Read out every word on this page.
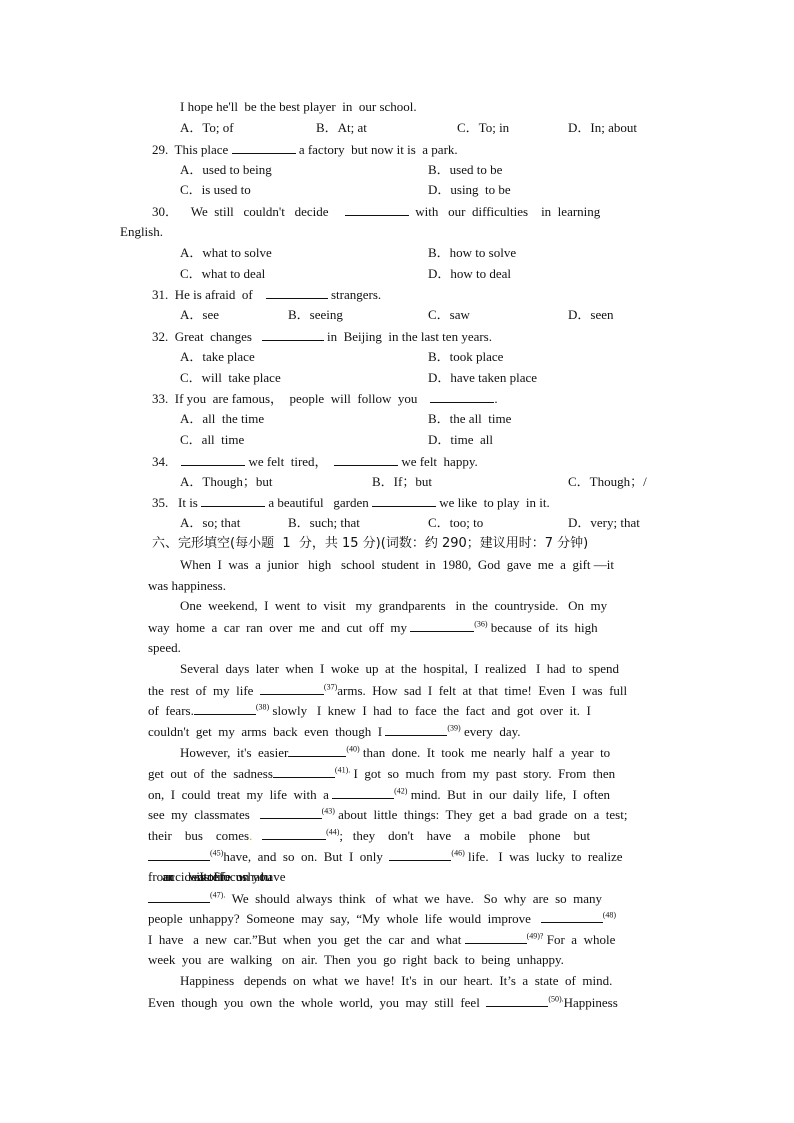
I hope he'll  be the best player  in  our school.
A．To; of	B．At; at	C．To; in	D．In; about
29. This place	a factory  but now it is  a park.
A．used to being	B．used to be
C．is used to	D．using  to be
30． We  still   couldn't   decide	with   our  difficulties    in  learning
English.
A．what to solve	B．how to solve
C．what to deal	D．how to deal
31. He is afraid  of	strangers.
A．see	B．seeing	C．saw	D．seen
32. Great  changes	in  Beijing  in the last ten years.
A．take place	B．took place
C．will  take place	D．have taken place
33. If you  are famous，  people  will  follow  you	.
A．all  the time	B．the all  time
C．all  time	D．time  all
34.	we felt  tired，	we felt  happy.
A．Though；but	B．If；but	C．Though；/
35. It is	a beautiful   garden	we like  to play  in it.
A．so; that	B．such; that	C．too; to	D．very; that
六、完形填空(每小题  1  分，共 15 分)(词数：约 290；建议用时：7 分钟)
When  I  was  a  junior   high   school  student  in  1980,  God  gave  me  a  gift —it
was happiness.
One  weekend,  I  went  to  visit   my  grandparents   in  the  countryside.   On  my
way  home  a  car  ran  over  me  and  cut  off  my	$^{(36)}$ because  of  its  high
speed.
Several  days  later  when  I  woke  up  at  the  hospital,  I  realized   I  had  to  spend
the  rest  of  my  life	$^{(37)}$arms.  How  sad  I  felt  at  that  time!  Even  I  was  full
of  fears.	$^{(38)}$ slowly   I  knew  I  had  to  face  the  fact  and  got  over  it.  I
couldn't  get  my  arms  back  even  though  I	$^{(39)}$ every  day.
However,  it's  easier	$^{(40)}$ than  done.  It  took  me  nearly  half  a  year  to
get  out  of  the  sadness	$^{(41).}$ I  got  so  much  from  my  past  story.  From  then
on,  I  could  treat  my  life  with  a	$^{(42)}$ mind.  But  in  our  daily  life,  I  often
see  my  classmates	$^{(43)}$ about  little  things:  They  get  a  bad  grade  on  a  test;
their    bus    comes.	$^{(44)}$;   they    don't    have    a   mobile    phone    but
$^{(45)}$have,  and  so  on.  But  I  only	$^{(46)}$ life.   I  was  lucky  to  realize
from    an    accident:    It    is    a    waste    of    our    life    to    focus    on    what    you    have
$^{(47).}$  We  should  always  think   of  what  we  have.   So  why  are  so  many
people  unhappy?  Someone  may  say,  “My  whole  life  would  improve	$^{(48)}$
I  have   a  new  car.”But  when  you  get  the  car  and  what	$^{(49)?}$ For  a  whole
week  you  are  walking   on  air.  Then  you  go  right  back  to  being  unhappy.
Happiness   depends  on  what  we  have!  It's  in  our  heart.  It’s  a  state  of  mind.
Even  though  you  own  the  whole  world,  you  may  still  feel	$^{(50).}$Happiness
